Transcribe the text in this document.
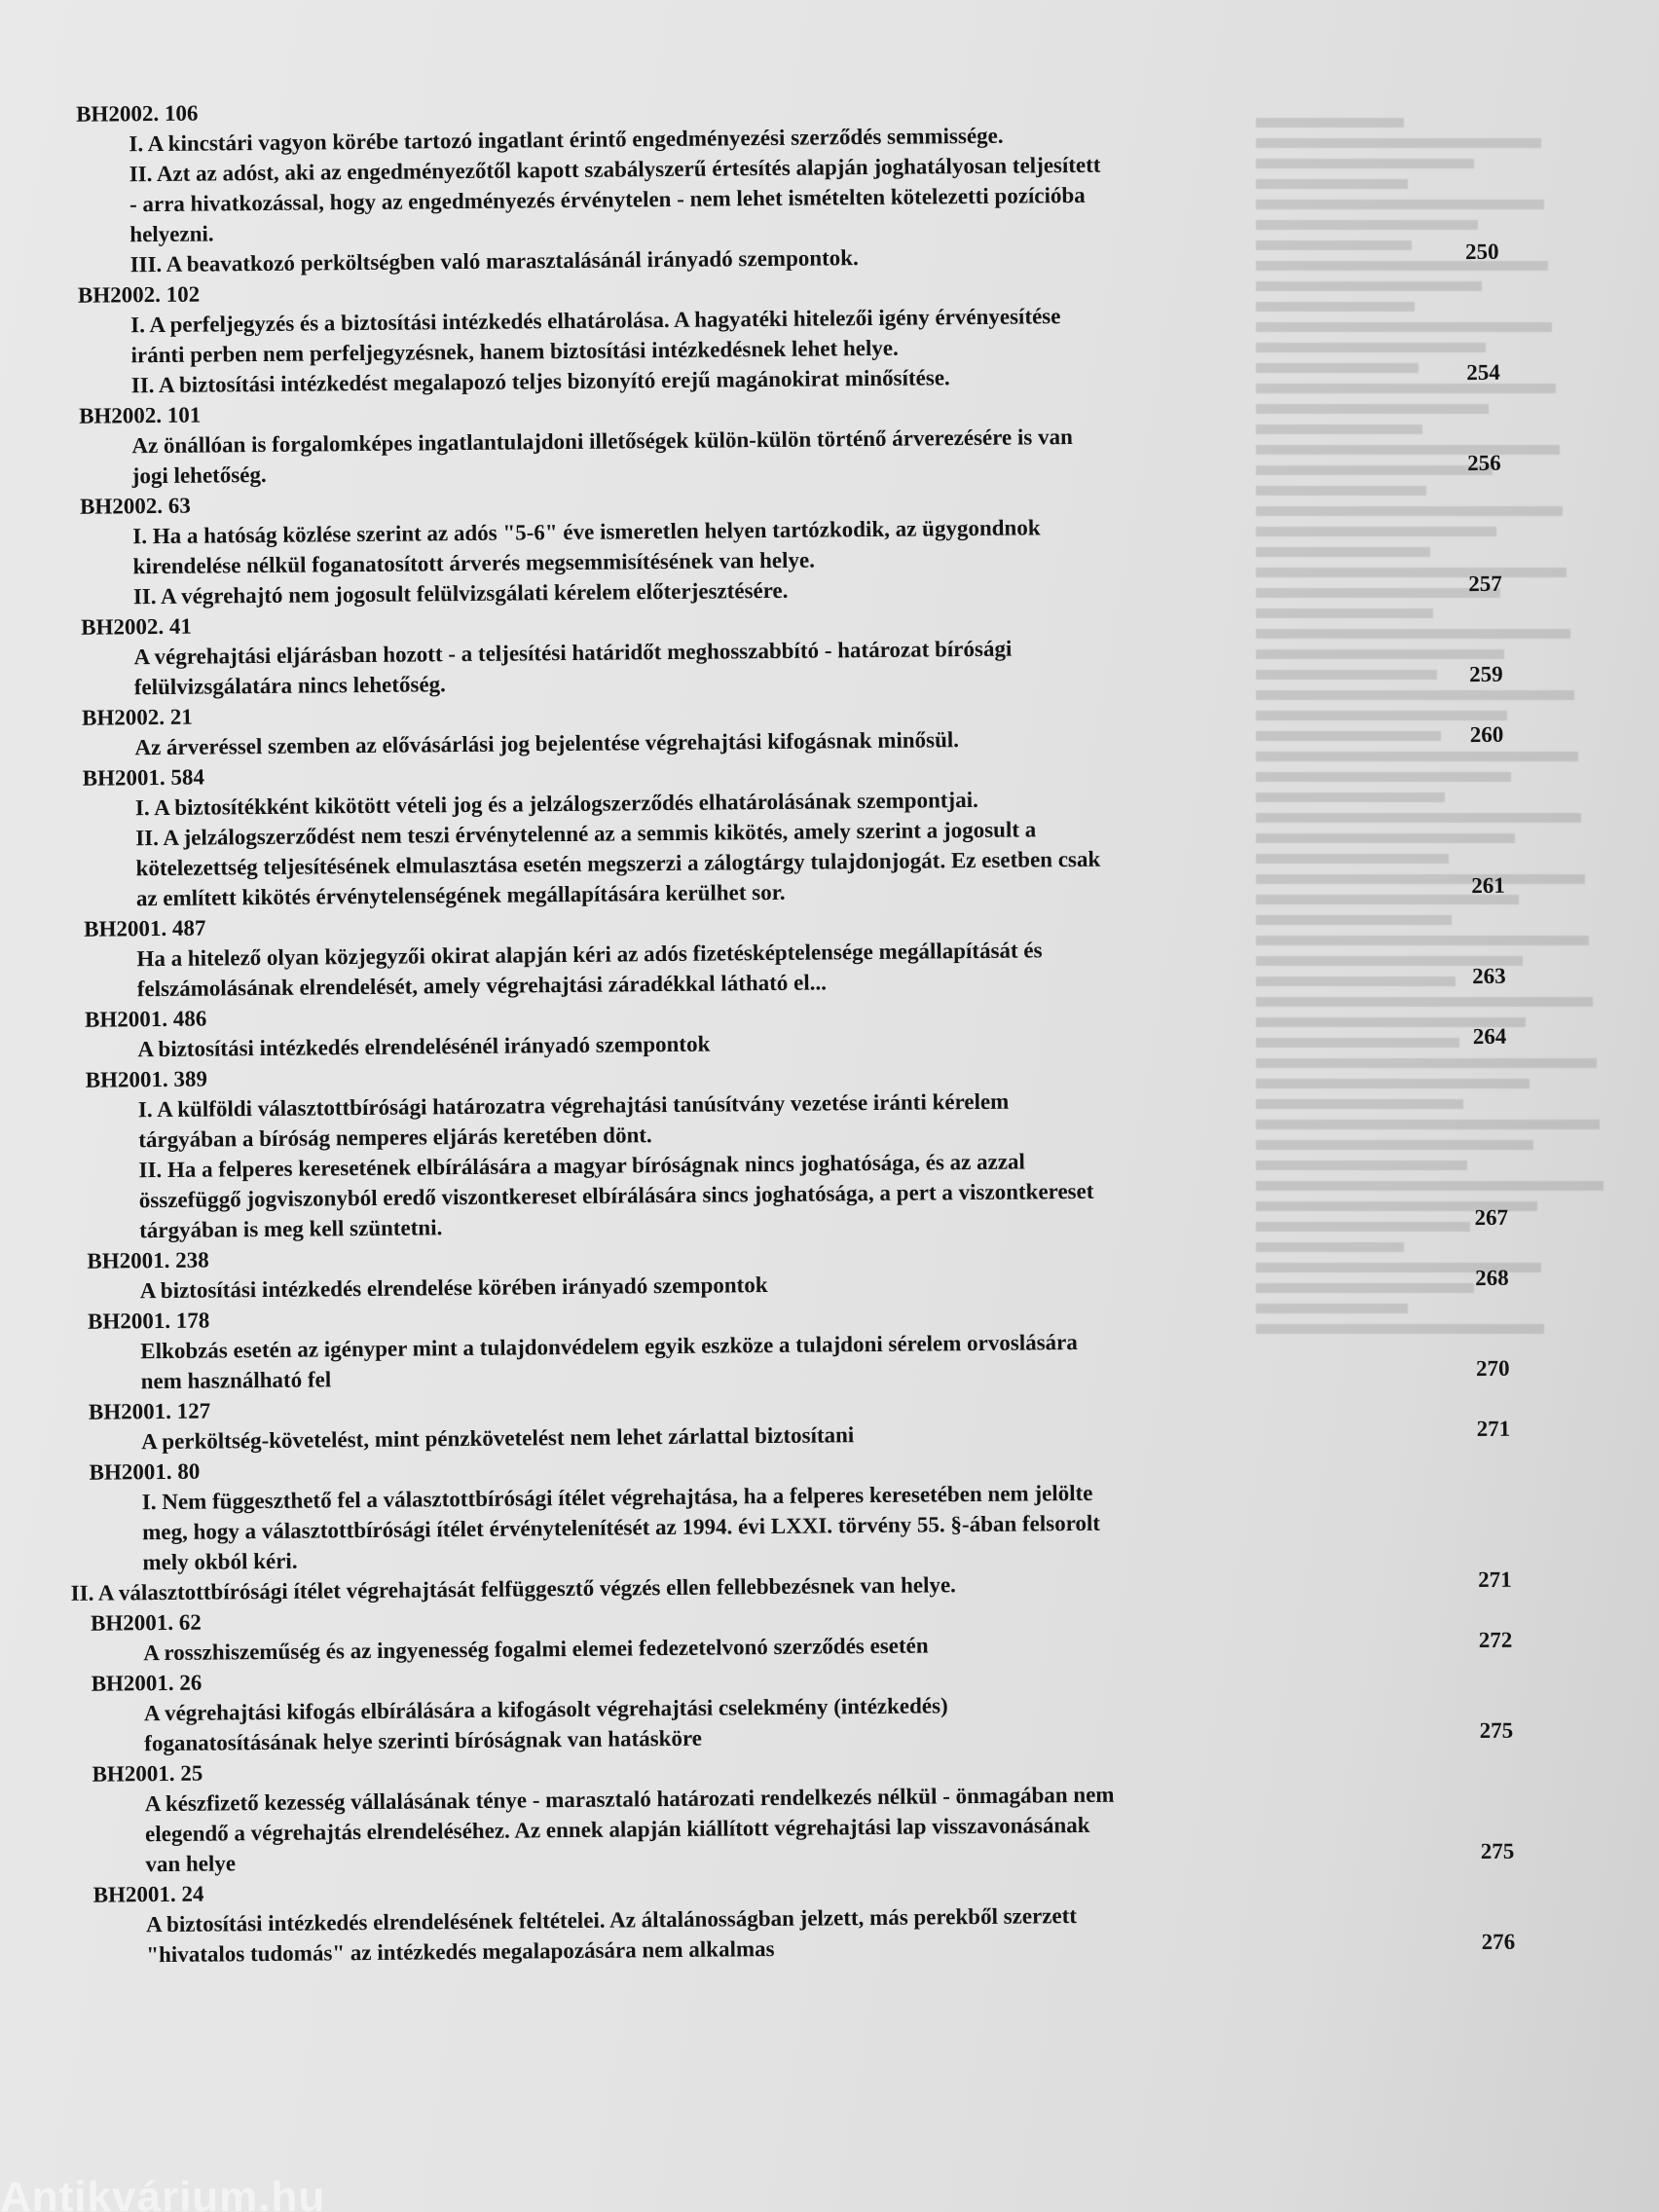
BH2002. 106
I. A kincstári vagyon körébe tartozó ingatlant érintő engedményezési szerződés semmissége.
II. Azt az adóst, aki az engedményezőtől kapott szabályszerű értesítés alapján joghatályosan teljesített
- arra hivatkozással, hogy az engedményezés érvénytelen - nem lehet ismételten kötelezetti pozícióba
helyezni.
III. A beavatkozó perköltségben való marasztalásánál irányadó szempontok.	250
BH2002. 102
I. A perfeljegyzés és a biztosítási intézkedés elhatárolása. A hagyatéki hitelezői igény érvényesítése
iránti perben nem perfeljegyzésnek, hanem biztosítási intézkedésnek lehet helye.
II. A biztosítási intézkedést megalapozó teljes bizonyító erejű magánokirat minősítése.	254
BH2002. 101
Az önállóan is forgalomképes ingatlantulajdoni illetőségek külön-külön történő árverezésére is van
jogi lehetőség.	256
BH2002. 63
I. Ha a hatóság közlése szerint az adós "5-6" éve ismeretlen helyen tartózkodik, az ügygondnok
kirendelése nélkül foganatosított árverés megsemmisítésének van helye.
II. A végrehajtó nem jogosult felülvizsgálati kérelem előterjesztésére.	257
BH2002. 41
A végrehajtási eljárásban hozott - a teljesítési határidőt meghosszabbító - határozat bírósági
felülvizsgálatára nincs lehetőség.	259
BH2002. 21
Az árveréssel szemben az elővásárlási jog bejelentése végrehajtási kifogásnak minősül.	260
BH2001. 584
I. A biztosítékként kikötött vételi jog és a jelzálogszerződés elhatárolásának szempontjai.
II. A jelzálogszerződést nem teszi érvénytelenné az a semmis kikötés, amely szerint a jogosult a
kötelezettség teljesítésének elmulasztása esetén megszerzi a zálogtárgy tulajdonjogát. Ez esetben csak
az említett kikötés érvénytelenségének megállapítására kerülhet sor.	261
BH2001. 487
Ha a hitelező olyan közjegyzői okirat alapján kéri az adós fizetésképtelensége megállapítását és
felszámolásának elrendelését, amely végrehajtási záradékkal látható el...	263
BH2001. 486
A biztosítási intézkedés elrendelésénél irányadó szempontok	264
BH2001. 389
I. A külföldi választottbírósági határozatra végrehajtási tanúsítvány vezetése iránti kérelem
tárgyában a bíróság nemperes eljárás keretében dönt.
II. Ha a felperes keresetének elbírálására a magyar bíróságnak nincs joghatósága, és az azzal
összefüggő jogviszonyból eredő viszontkereset elbírálására sincs joghatósága, a pert a viszontkereset
tárgyában is meg kell szüntetni.	267
BH2001. 238
A biztosítási intézkedés elrendelése körében irányadó szempontok	268
BH2001. 178
Elkobzás esetén az igényper mint a tulajdonvédelem egyik eszköze a tulajdoni sérelem orvoslására
nem használható fel	270
BH2001. 127
A perköltség-követelést, mint pénzkövetelést nem lehet zárlattal biztosítani	271
BH2001. 80
I. Nem függeszthető fel a választottbírósági ítélet végrehajtása, ha a felperes keresetében nem jelölte
meg, hogy a választottbírósági ítélet érvénytelenítését az 1994. évi LXXI. törvény 55. §-ában felsorolt
mely okból kéri.
II. A választottbírósági ítélet végrehajtását felfüggesztő végzés ellen fellebbezésnek van helye.	271
BH2001. 62
A rosszhiszeműség és az ingyenesség fogalmi elemei fedezetelvonó szerződés esetén	272
BH2001. 26
A végrehajtási kifogás elbírálására a kifogásolt végrehajtási cselekmény (intézkedés)
foganatosításának helye szerinti bíróságnak van hatásköre	275
BH2001. 25
A készfizető kezesség vállalásának ténye - marasztaló határozati rendelkezés nélkül - önmagában nem
elegendő a végrehajtás elrendeléséhez. Az ennek alapján kiállított végrehajtási lap visszavonásának
van helye	275
BH2001. 24
A biztosítási intézkedés elrendelésének feltételei. Az általánosságban jelzett, más perekből szerzett
"hivatalos tudomás" az intézkedés megalapozására nem alkalmas	276
Antikvárium.hu
